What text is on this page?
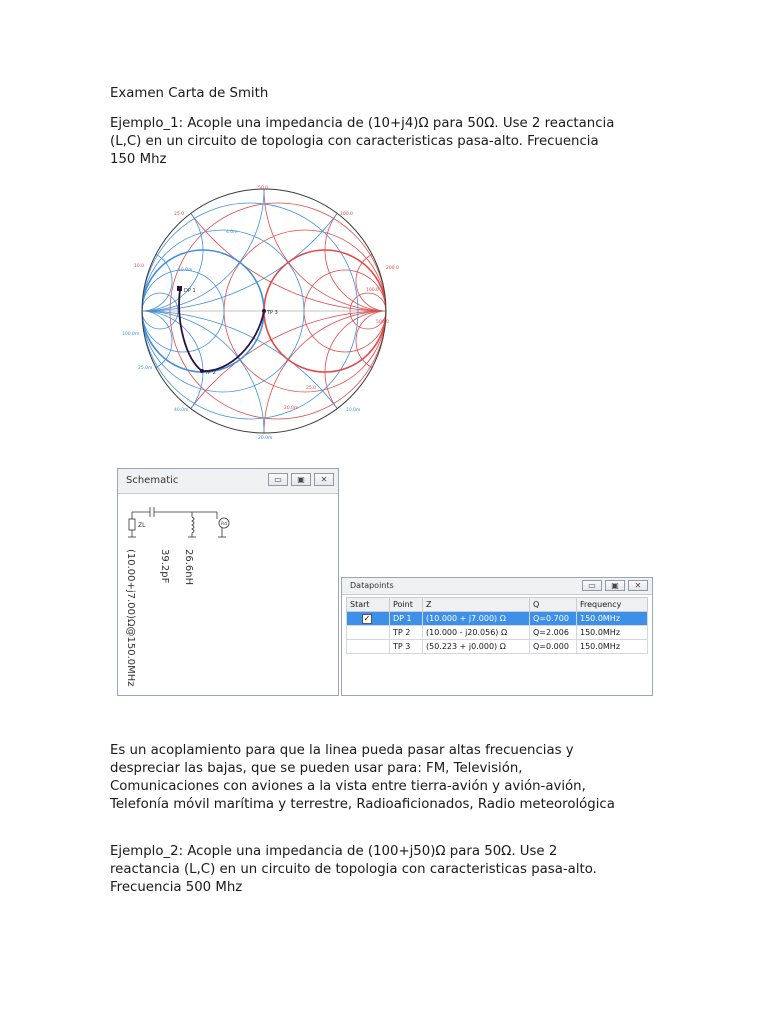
Examen Carta de Smith

Ejemplo_1: Acople una impedancia de (10+j4)Ω para 50Ω. Use 2 reactancia

(L,C) en un circuito de topologia con caracteristicas pasa-alto. Frecuencia

150 Mhz

DP 1
TP 2
TP 3
50.0
25.0	100.0
10.0	200.0
100.0
500.0
25.0
20.0m
4.0m
10.0m
100.0m
25.0m
40.0m	10.0m
20.0m
Schematic	▭	▣	✕
ZL	Rd
(10.00+j7.00)Ω@150.0MHz 39.2pF 26.6nH
Datapoints	▭	▣	✕
Start	Point	Z	Q	Frequency
✓	DP 1	(10.000 + j7.000) Ω	Q=0.700	150.0MHz
	TP 2	(10.000 - j20.056) Ω	Q=2.006	150.0MHz
	TP 3	(50.223 + j0.000) Ω	Q=0.000	150.0MHz

Es un acoplamiento para que la linea pueda pasar altas frecuencias y

despreciar las bajas, que se pueden usar para: FM, Televisión,

Comunicaciones con aviones a la vista entre tierra-avión y avión-avión,

Telefonía móvil marítima y terrestre, Radioaficionados, Radio meteorológica

Ejemplo_2: Acople una impedancia de (100+j50)Ω para 50Ω. Use 2

reactancia (L,C) en un circuito de topologia con caracteristicas pasa-alto.

Frecuencia 500 Mhz
